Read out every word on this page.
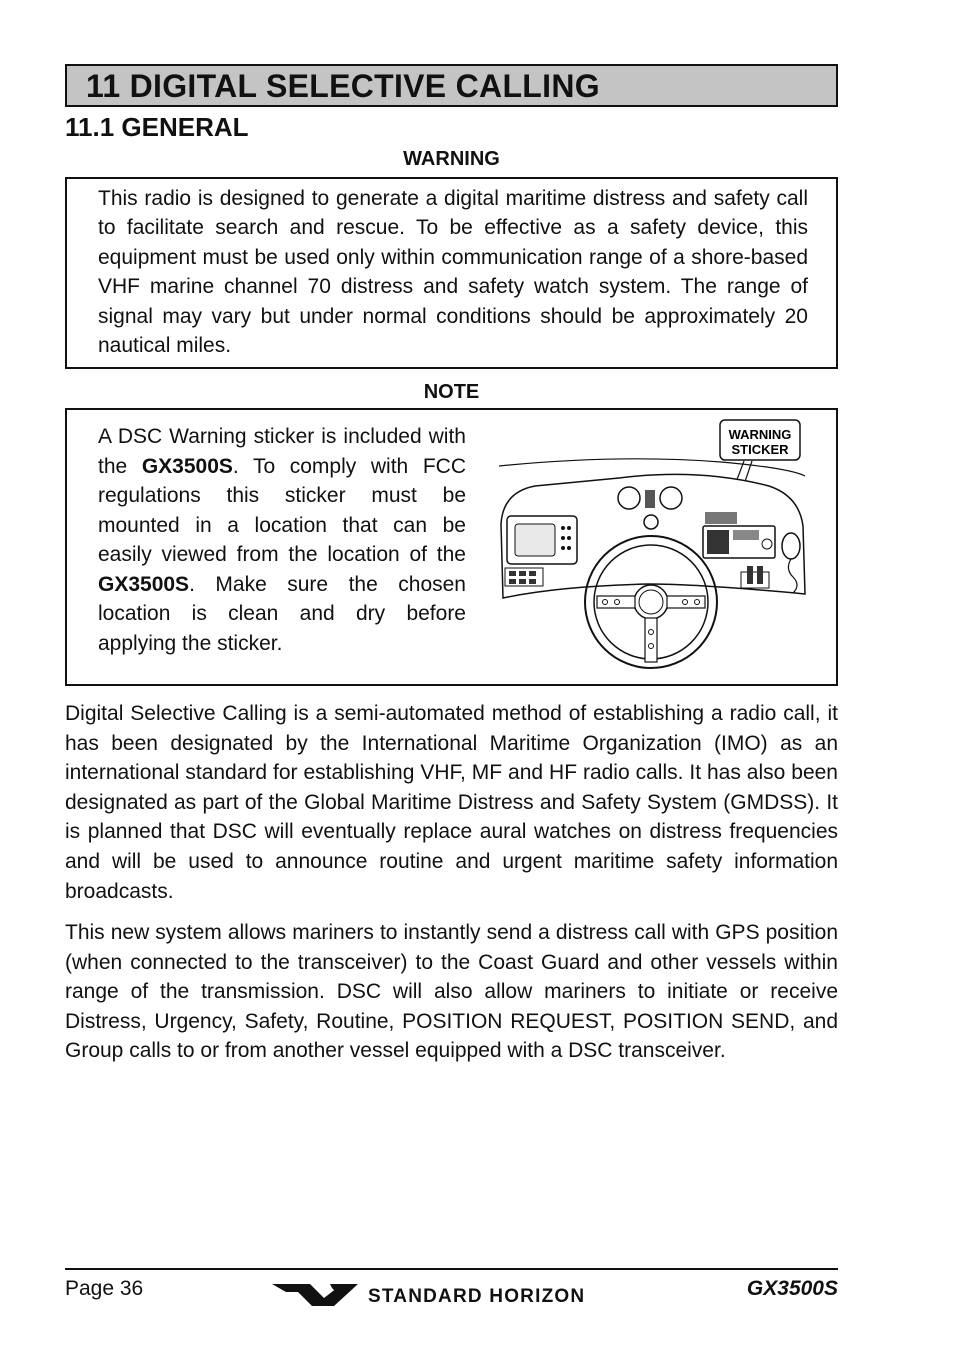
11 DIGITAL SELECTIVE CALLING
11.1 GENERAL
WARNING
This radio is designed to generate a digital maritime distress and safety call to facilitate search and rescue. To be effective as a safety device, this equipment must be used only within communication range of a shore-based VHF marine channel 70 distress and safety watch system. The range of signal may vary but under normal conditions should be approximately 20 nautical miles.
NOTE
A DSC Warning sticker is included with the GX3500S. To comply with FCC regulations this sticker must be mounted in a location that can be easily viewed from the location of the GX3500S. Make sure the chosen location is clean and dry before applying the sticker.
WARNING
STICKER

Digital Selective Calling is a semi-automated method of establishing a radio call, it has been designated by the International Maritime Organization (IMO) as an international standard for establishing VHF, MF and HF radio calls. It has also been designated as part of the Global Maritime Distress and Safety System (GMDSS). It is planned that DSC will eventually replace aural watches on distress frequencies and will be used to announce routine and urgent maritime safety information broadcasts.

This new system allows mariners to instantly send a distress call with GPS position (when connected to the transceiver) to the Coast Guard and other vessels within range of the transmission. DSC will also allow mariners to initiate or receive Distress, Urgency, Safety, Routine, POSITION REQUEST, POSITION SEND, and Group calls to or from another vessel equipped with a DSC transceiver.

Page 36	STANDARD HORIZON	GX3500S
